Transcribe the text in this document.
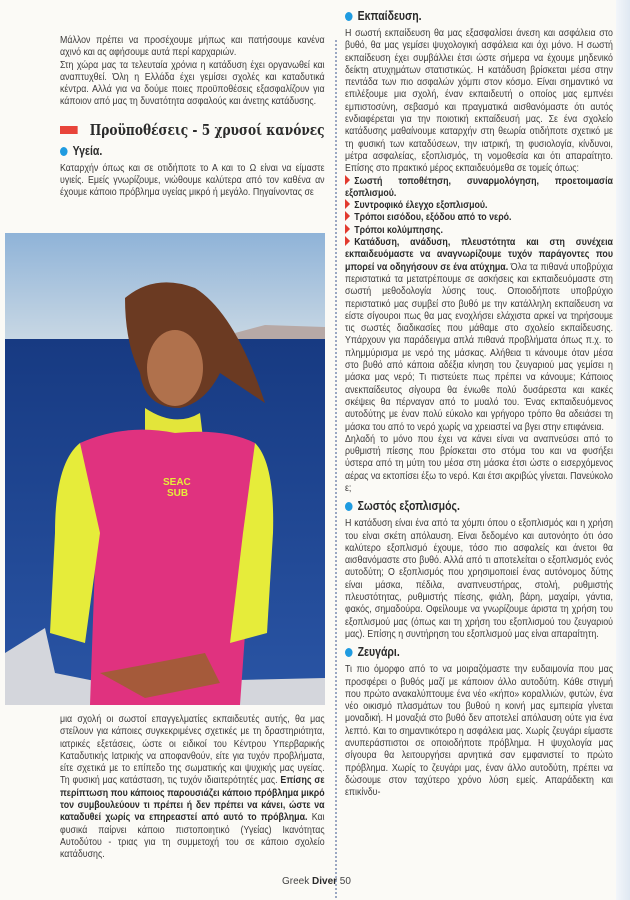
Μάλλον πρέπει να προσέχουμε μήπως και πατήσουμε κανένα αχινό και ας αφήσουμε αυτά περί καρχαριών.

Στη χώρα μας τα τελευταία χρόνια η κατάδυση έχει οργανωθεί και αναπτυχθεί. Όλη η Ελλάδα έχει γεμίσει σχολές και καταδυτικά κέντρα. Αλλά για να δούμε ποιες προϋποθέσεις εξασφαλίζουν για κάποιον από μας τη δυνατότητα ασφαλούς και άνετης κατάδυσης.

Προϋποθέσεις - 5 χρυσοί κανόνες
Υγεία.

Καταρχήν όπως και σε οτιδήποτε το Α και το Ω είναι να είμαστε υγιείς. Εμείς γνωρίζουμε, νιώθουμε καλύτερα από τον καθένα αν έχουμε κάποιο πρόβλημα υγείας μικρό ή μεγάλο. Πηγαίνοντας σε

SEAC
SUB

μια σχολή οι σωστοί επαγγελματίες εκπαιδευτές αυτής, θα μας στείλουν για κάποιες συγκεκριμένες σχετικές με τη δραστηριότητα, ιατρικές εξετάσεις, ώστε οι ειδικοί του Κέντρου Υπερβαρικής Καταδυτικής Ιατρικής να αποφανθούν, είτε για τυχόν προβλήματα, είτε σχετικά με το επίπεδο της σωματικής και ψυχικής μας υγείας. Τη φυσική μας κατάσταση, τις τυχόν ιδιαιτερότητές μας. Επίσης σε περίπτωση που κάποιος παρουσιάζει κάποιο πρόβλημα μικρό τον συμβουλεύουν τι πρέπει ή δεν πρέπει να κάνει, ώστε να καταδυθεί χωρίς να επηρεαστεί από αυτό το πρόβλημα. Και φυσικά παίρνει κάποιο πιστοποιητικό (Υγείας) Ικανότητας Αυτοδύτου - τριας για τη συμμετοχή του σε κάποιο σχολείο κατάδυσης.

Εκπαίδευση.

Η σωστή εκπαίδευση θα μας εξασφαλίσει άνεση και ασφάλεια στο βυθό, θα μας γεμίσει ψυχολογική ασφάλεια και όχι μόνο. Η σωστή εκπαίδευση έχει συμβάλλει έτσι ώστε σήμερα να έχουμε μηδενικό δείκτη ατυχημάτων στατιστικώς. Η κατάδυση βρίσκεται μέσα στην πεντάδα των πιο ασφαλών χόμπι στον κόσμο. Είναι σημαντικό να επιλέξουμε μια σχολή, έναν εκπαιδευτή ο οποίος μας εμπνέει εμπιστοσύνη, σεβασμό και πραγματικά αισθανόμαστε ότι αυτός ενδιαφέρεται για την ποιοτική εκπαίδευσή μας. Σε ένα σχολείο κατάδυσης μαθαίνουμε καταρχήν στη θεωρία οτιδήποτε σχετικό με τη φυσική των καταδύσεων, την ιατρική, τη φυσιολογία, κίνδυνοι, μέτρα ασφαλείας, εξοπλισμός, τη νομοθεσία και ότι απαραίτητο. Επίσης στο πρακτικό μέρος εκπαιδευόμεθα σε τομείς όπως:

Σωστή τοποθέτηση, συναρμολόγηση, προετοιμασία εξοπλισμού.

Συντροφικό έλεγχο εξοπλισμού.

Τρόποι εισόδου, εξόδου από το νερό.

Τρόποι κολύμπησης.

Κατάδυση, ανάδυση, πλευστότητα και στη συνέχεια εκπαιδευόμαστε να αναγνωρίζουμε τυχόν παράγοντες που μπορεί να οδηγήσουν σε ένα ατύχημα. Όλα τα πιθανά υποβρύχια περιστατικά τα μετατρέπουμε σε ασκήσεις και εκπαιδευόμαστε στη σωστή μεθοδολογία λύσης τους. Οποιοδήποτε υποβρύχιο περιστατικό μας συμβεί στο βυθό με την κατάλληλη εκπαίδευση να είστε σίγουροι πως θα μας ενοχλήσει ελάχιστα αρκεί να τηρήσουμε τις σωστές διαδικασίες που μάθαμε στο σχολείο εκπαίδευσης. Υπάρχουν για παράδειγμα απλά πιθανά προβλήματα όπως π.χ. το πλημμύρισμα με νερό της μάσκας. Αλήθεια τι κάνουμε όταν μέσα στο βυθό από κάποια αδέξια κίνηση του ζευγαριού μας γεμίσει η μάσκα μας νερό; Τι πιστεύετε πως πρέπει να κάνουμε; Κάποιος ανεκπαίδευτος σίγουρα θα ένιωθε πολύ δυσάρεστα και κακές σκέψεις θα πέρναγαν από το μυαλό του. Ένας εκπαιδευόμενος αυτοδύτης με έναν πολύ εύκολο και γρήγορο τρόπο θα αδειάσει τη μάσκα του από το νερό χωρίς να χρειαστεί να βγει στην επιφάνεια.

Δηλαδή το μόνο που έχει να κάνει είναι να αναπνεύσει από το ρυθμιστή πίεσης που βρίσκεται στο στόμα του και να φυσήξει ύστερα από τη μύτη του μέσα στη μάσκα έτσι ώστε ο εισερχόμενος αέρας να εκτοπίσει έξω το νερό. Και έτσι ακριβώς γίνεται. Πανεύκολο ε;

Σωστός εξοπλισμός.

Η κατάδυση είναι ένα από τα χόμπι όπου ο εξοπλισμός και η χρήση του είναι σκέτη απόλαυση. Είναι δεδομένο και αυτονόητο ότι όσο καλύτερο εξοπλισμό έχουμε, τόσο πιο ασφαλείς και άνετοι θα αισθανόμαστε στο βυθό. Αλλά από τι αποτελείται ο εξοπλισμός ενός αυτοδύτη; Ο εξοπλισμός που χρησιμοποιεί ένας αυτόνομος δύτης είναι μάσκα, πέδιλα, αναπνευστήρας, στολή, ρυθμιστής πλευστότητας, ρυθμιστής πίεσης, φιάλη, βάρη, μαχαίρι, γάντια, φακός, σημαδούρα. Οφείλουμε να γνωρίζουμε άριστα τη χρήση του εξοπλισμού μας (όπως και τη χρήση του εξοπλισμού του ζευγαριού μας). Επίσης η συντήρηση του εξοπλισμού μας είναι απαραίτητη.

Ζευγάρι.

Τι πιο όμορφο από το να μοιραζόμαστε την ευδαιμονία που μας προσφέρει ο βυθός μαζί με κάποιον άλλο αυτοδύτη. Κάθε στιγμή που πρώτο ανακαλύπτουμε ένα νέο «κήπο» κοραλλιών, φυτών, ένα νέο οικισμό πλασμάτων του βυθού η κοινή μας εμπειρία γίνεται μοναδική. Η μοναξιά στο βυθό δεν αποτελεί απόλαυση ούτε για ένα λεπτό. Και το σημαντικότερο η ασφάλεια μας. Χωρίς ζευγάρι είμαστε ανυπεράσπιστοι σε οποιοδήποτε πρόβλημα. Η ψυχολογία μας σίγουρα θα λειτουργήσει αρνητικά σαν εμφανιστεί το πρώτο πρόβλημα. Χωρίς το ζευγάρι μας, έναν άλλο αυτοδύτη, πρέπει να δώσουμε στον ταχύτερο χρόνο λύση εμείς. Απαράδεκτη και επικίνδυ-

Greek Diver 50
